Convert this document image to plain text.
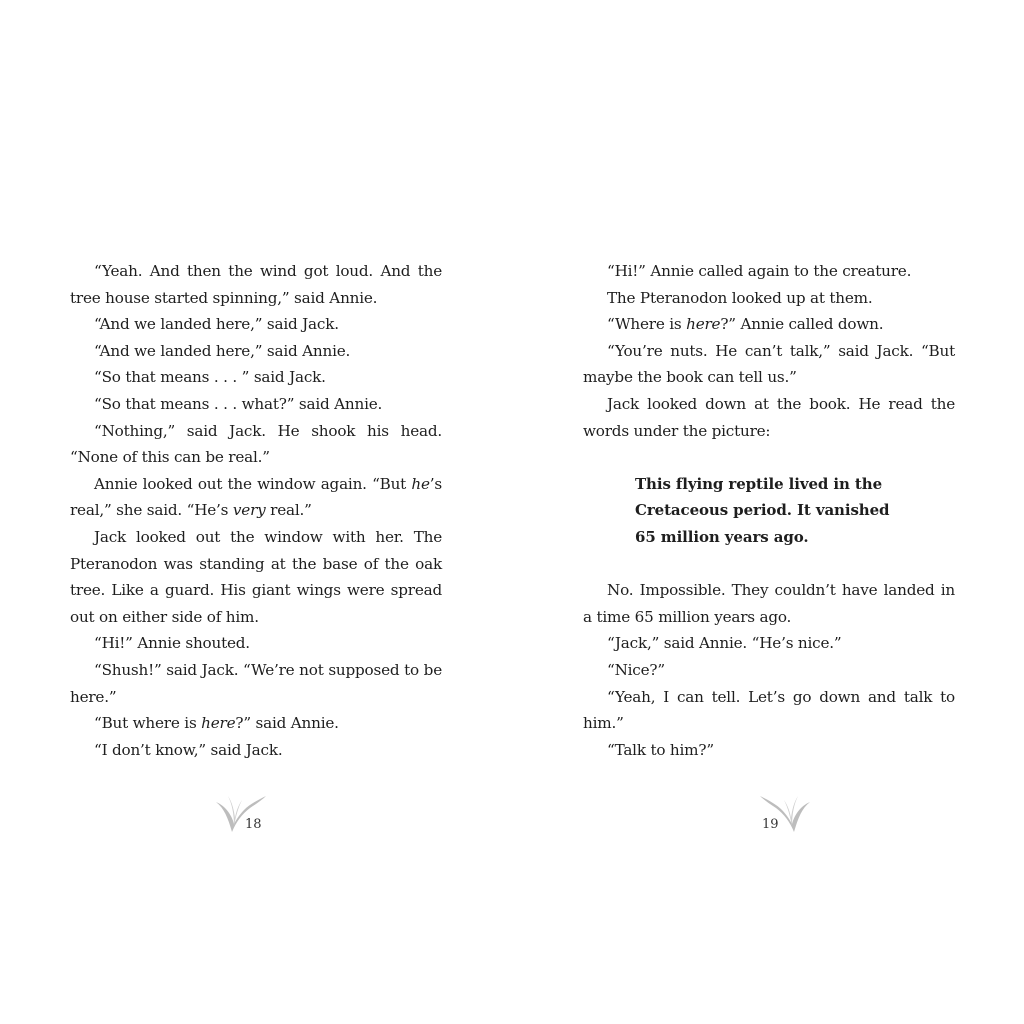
“Yeah. And then the wind got loud. And the tree house started spinning,” said Annie.

“And we landed here,” said Jack.

“And we landed here,” said Annie.

“So that means . . . ” said Jack.

“So that means . . . what?” said Annie.

“Nothing,” said Jack. He shook his head. “None of this can be real.”

Annie looked out the window again. “But he’s real,” she said. “He’s very real.”

Jack looked out the window with her. The Pteranodon was standing at the base of the oak tree. Like a guard. His giant wings were spread out on either side of him.

“Hi!” Annie shouted.

“Shush!” said Jack. “We’re not supposed to be here.”

“But where is here?” said Annie.

“I don’t know,” said Jack.

“Hi!” Annie called again to the creature.

The Pteranodon looked up at them.

“Where is here?” Annie called down.

“You’re nuts. He can’t talk,” said Jack. “But maybe the book can tell us.”

Jack looked down at the book. He read the words under the picture:

This flying reptile lived in the
Cretaceous period. It vanished
65 million years ago.

No. Impossible. They couldn’t have landed in a time 65 million years ago.

“Jack,” said Annie. “He’s nice.”

“Nice?”

“Yeah, I can tell. Let’s go down and talk to him.”

“Talk to him?”

18	19
